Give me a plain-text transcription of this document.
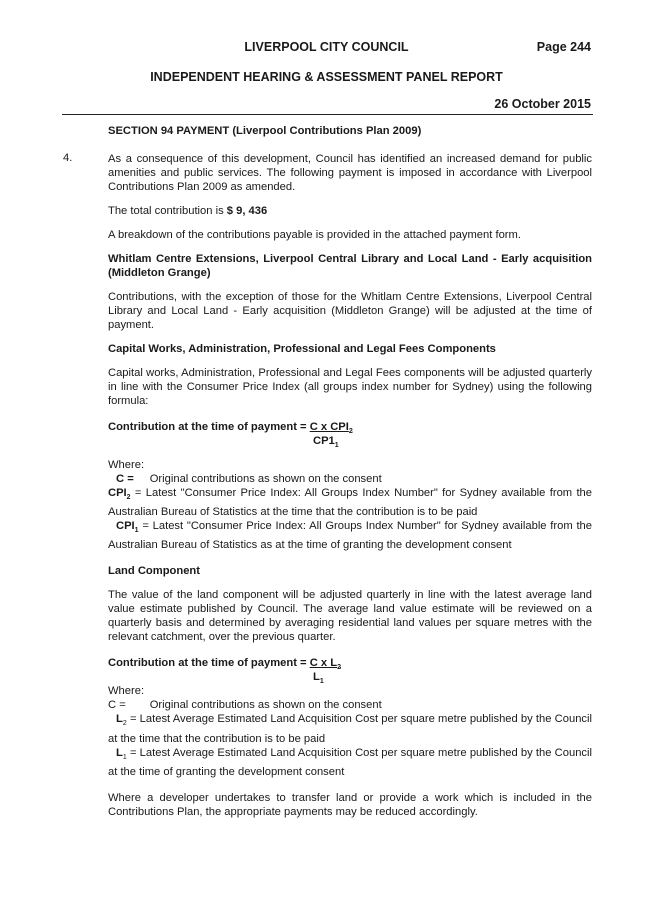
LIVERPOOL CITY COUNCIL	Page 244
INDEPENDENT HEARING & ASSESSMENT PANEL REPORT
26 October 2015
4.

SECTION 94 PAYMENT (Liverpool Contributions Plan 2009)

As a consequence of this development, Council has identified an increased demand for public amenities and public services. The following payment is imposed in accordance with Liverpool Contributions Plan 2009 as amended.

The total contribution is $ 9, 436

A breakdown of the contributions payable is provided in the attached payment form.

Whitlam Centre Extensions, Liverpool Central Library and Local Land - Early acquisition (Middleton Grange)

Contributions, with the exception of those for the Whitlam Centre Extensions, Liverpool Central Library and Local Land - Early acquisition (Middleton Grange) will be adjusted at the time of payment.

Capital Works, Administration, Professional and Legal Fees Components

Capital works, Administration, Professional and Legal Fees components will be adjusted quarterly in line with the Consumer Price Index (all groups index number for Sydney) using the following formula:

Contribution at the time of payment = C x $CPI_2$
$CP1_1$

Where:

C = Original contributions as shown on the consent

$CPI_2$ = Latest "Consumer Price Index: All Groups Index Number" for Sydney available from the Australian Bureau of Statistics at the time that the contribution is to be paid

$CPI_1$ = Latest "Consumer Price Index: All Groups Index Number" for Sydney available from the Australian Bureau of Statistics as at the time of granting the development consent

Land Component

The value of the land component will be adjusted quarterly in line with the latest average land value estimate published by Council. The average land value estimate will be reviewed on a quarterly basis and determined by averaging residential land values per square metres with the relevant catchment, over the previous quarter.

Contribution at the time of payment = C x $L_2$
$L_1$

Where:

C = Original contributions as shown on the consent

$L_2$ = Latest Average Estimated Land Acquisition Cost per square metre published by the Council at the time that the contribution is to be paid

$L_1$ = Latest Average Estimated Land Acquisition Cost per square metre published by the Council at the time of granting the development consent

Where a developer undertakes to transfer land or provide a work which is included in the Contributions Plan, the appropriate payments may be reduced accordingly.
